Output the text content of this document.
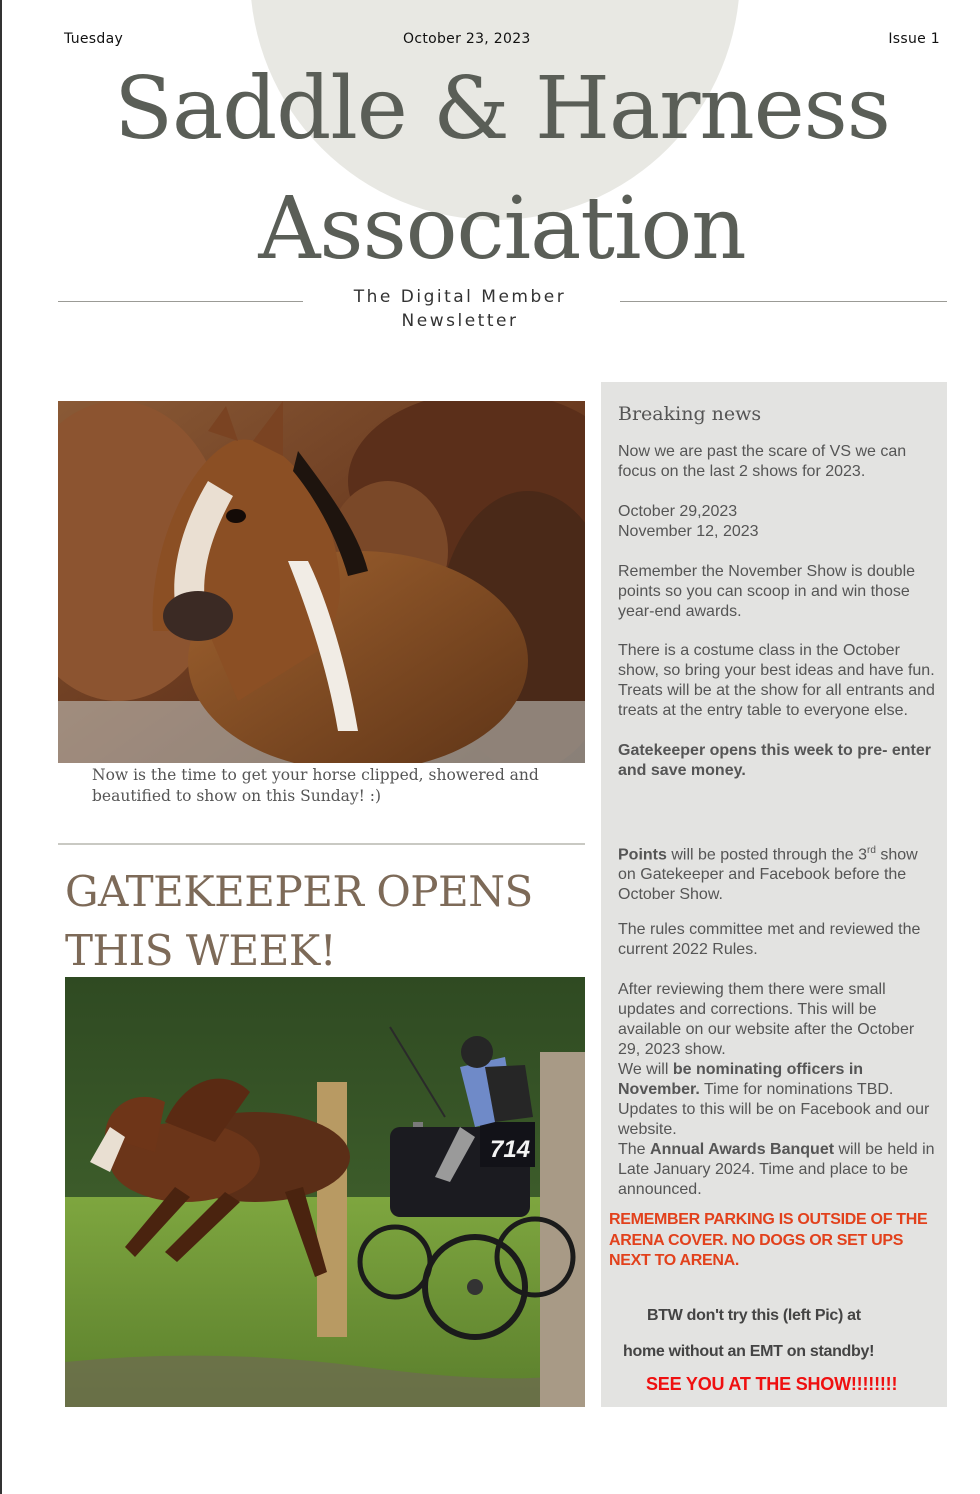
Tuesday	October 23, 2023	Issue 1
Saddle & Harness
Association
The Digital Member
Newsletter
Now is the time to get your horse clipped, showered and beautified to show on this Sunday! :)
GATEKEEPER OPENS
THIS WEEK!
714
Breaking news
Now we are past the scare of VS we can focus on the last 2 shows for 2023.
October 29,2023
November 12, 2023
Remember the November Show is double points so you can scoop in and win those year-end awards.
There is a costume class in the October show, so bring your best ideas and have fun. Treats will be at the show for all entrants and treats at the entry table to everyone else.
Gatekeeper opens this week to pre- enter and save money.
Points will be posted through the 3rd show on Gatekeeper and Facebook before the October Show.
The rules committee met and reviewed the current 2022 Rules.
After reviewing them there were small updates and corrections. This will be available on our website after the October 29, 2023 show.
We will be nominating officers in November. Time for nominations TBD. Updates to this will be on Facebook and our website.
The Annual Awards Banquet will be held in Late January 2024. Time and place to be announced.
REMEMBER PARKING IS OUTSIDE OF THE ARENA COVER. NO DOGS OR SET UPS NEXT TO ARENA.
BTW don't try this (left Pic) at
home without an EMT on standby!
SEE YOU AT THE SHOW!!!!!!!!
